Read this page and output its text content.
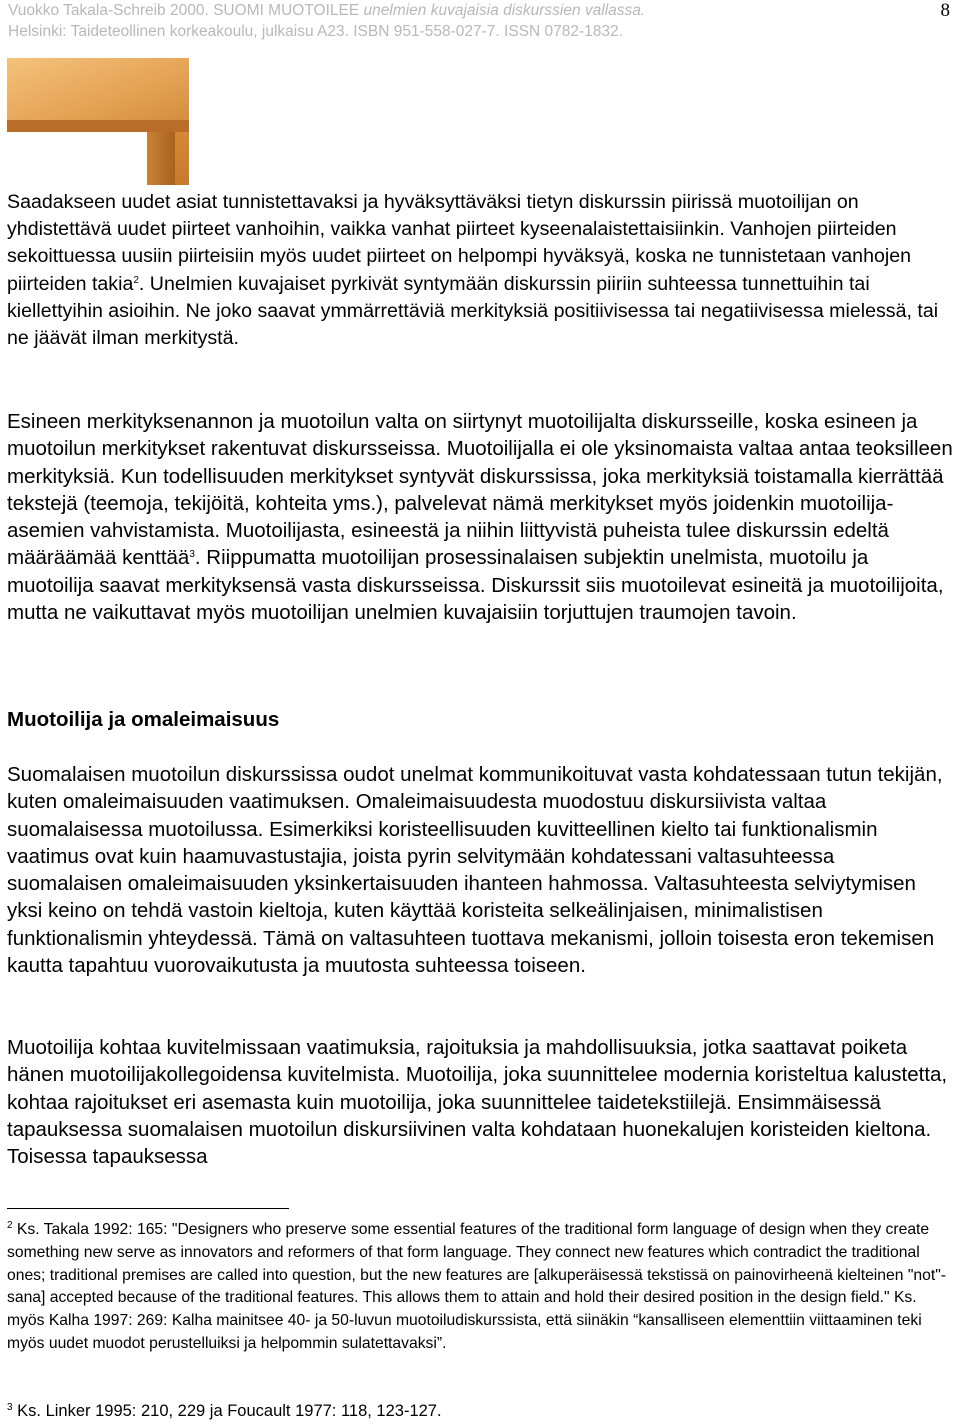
Vuokko Takala-Schreib 2000. SUOMI MUOTOILEE unelmien kuvajaisia diskurssien vallassa.
Helsinki: Taideteollinen korkeakoulu, julkaisu A23. ISBN 951-558-027-7. ISSN 0782-1832.
8

Saadakseen uudet asiat tunnistettavaksi ja hyväksyttäväksi tietyn diskurssin piirissä muotoilijan on yhdistettävä uudet piirteet vanhoihin, vaikka vanhat piirteet kyseenalaistettaisiinkin. Vanhojen piirteiden sekoittuessa uusiin piirteisiin myös uudet piirteet on helpompi hyväksyä, koska ne tunnistetaan vanhojen piirteiden takia$^2$. Unelmien kuvajaiset pyrkivät syntymään diskurssin piiriin suhteessa tunnettuihin tai kiellettyihin asioihin. Ne joko saavat ymmärrettäviä merkityksiä positiivisessa tai negatiivisessa mielessä, tai ne jäävät ilman merkitystä.

Esineen merkityksenannon ja muotoilun valta on siirtynyt muotoilijalta diskursseille, koska esineen ja muotoilun merkitykset rakentuvat diskursseissa. Muotoilijalla ei ole yksinomaista valtaa antaa teoksilleen merkityksiä. Kun todellisuuden merkitykset syntyvät diskurssissa, joka merkityksiä toistamalla kierrättää tekstejä (teemoja, tekijöitä, kohteita yms.), palvelevat nämä merkitykset myös joidenkin muotoilija-asemien vahvistamista. Muotoilijasta, esineestä ja niihin liittyvistä puheista tulee diskurssin edeltä määräämää kenttää$^3$. Riippumatta muotoilijan prosessinalaisen subjektin unelmista, muotoilu ja muotoilija saavat merkityksensä vasta diskursseissa. Diskurssit siis muotoilevat esineitä ja muotoilijoita, mutta ne vaikuttavat myös muotoilijan unelmien kuvajaisiin torjuttujen traumojen tavoin.

Muotoilija ja omaleimaisuus

Suomalaisen muotoilun diskurssissa oudot unelmat kommunikoituvat vasta kohdatessaan tutun tekijän, kuten omaleimaisuuden vaatimuksen. Omaleimaisuudesta muodostuu diskursiivista valtaa suomalaisessa muotoilussa. Esimerkiksi koristeellisuuden kuvitteellinen kielto tai funktionalismin vaatimus ovat kuin haamuvastustajia, joista pyrin selvitymään kohdatessani valtasuhteessa suomalaisen omaleimaisuuden yksinkertaisuuden ihanteen hahmossa. Valtasuhteesta selviytymisen yksi keino on tehdä vastoin kieltoja, kuten käyttää koristeita selkeälinjaisen, minimalistisen funktionalismin yhteydessä. Tämä on valtasuhteen tuottava mekanismi, jolloin toisesta eron tekemisen kautta tapahtuu vuorovaikutusta ja muutosta suhteessa toiseen.

Muotoilija kohtaa kuvitelmissaan vaatimuksia, rajoituksia ja mahdollisuuksia, jotka saattavat poiketa hänen muotoilijakollegoidensa kuvitelmista. Muotoilija, joka suunnittelee modernia koristeltua kalustetta, kohtaa rajoitukset eri asemasta kuin muotoilija, joka suunnittelee taidetekstiilejä. Ensimmäisessä tapauksessa suomalaisen muotoilun diskursiivinen valta kohdataan huonekalujen koristeiden kieltona. Toisessa tapauksessa

$^2$ Ks. Takala 1992: 165: "Designers who preserve some essential features of the traditional form language of design when they create something new serve as innovators and reformers of that form language. They connect new features which contradict the traditional ones; traditional premises are called into question, but the new features are [alkuperäisessä tekstissä on painovirheenä kielteinen "not"-sana] accepted because of the traditional features. This allows them to attain and hold their desired position in the design field." Ks. myös Kalha 1997: 269: Kalha mainitsee 40- ja 50-luvun muotoiludiskurssista, että siinäkin “kansalliseen elementtiin viittaaminen teki myös uudet muodot perustelluiksi ja helpommin sulatettavaksi”.

$^3$ Ks. Linker 1995: 210, 229 ja Foucault 1977: 118, 123-127.
